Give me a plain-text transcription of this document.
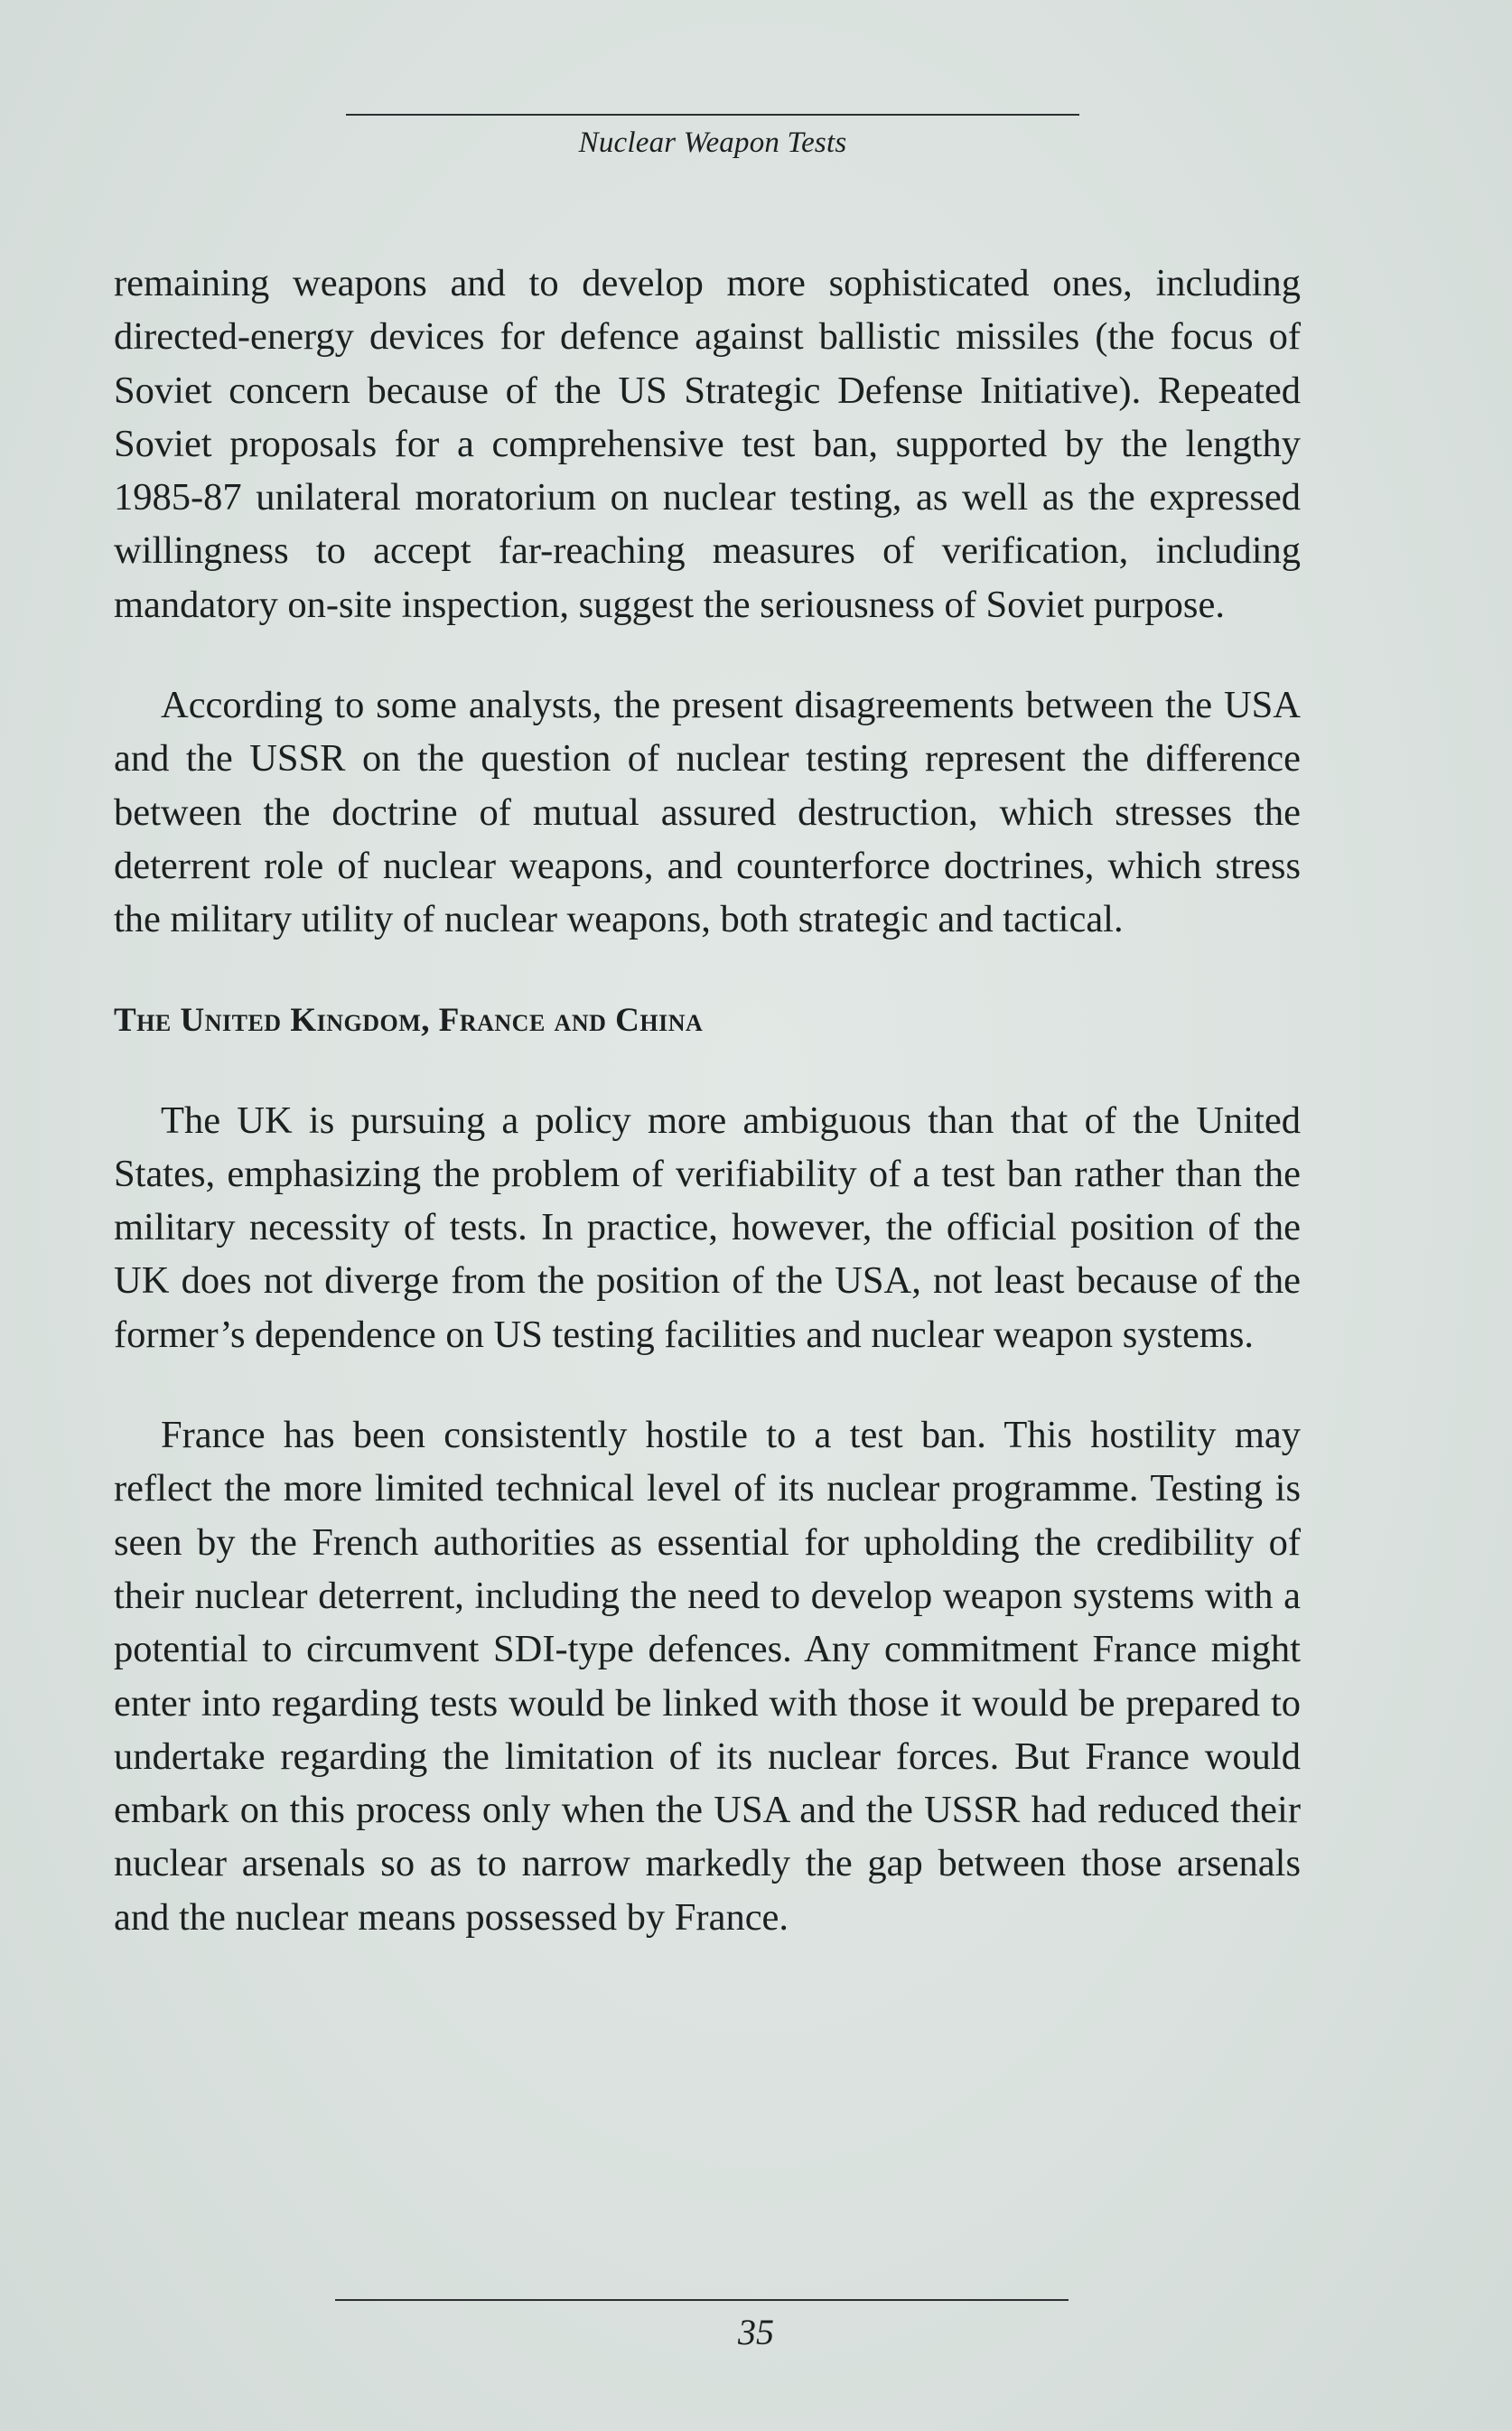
Nuclear Weapon Tests

remaining weapons and to develop more sophisticated ones, including directed-energy devices for defence against ballistic missiles (the focus of Soviet concern because of the US Strategic Defense Initiative). Repeated Soviet proposals for a comprehensive test ban, supported by the lengthy 1985-87 unilateral moratorium on nuclear testing, as well as the expressed willingness to accept far-reaching measures of verification, including mandatory on-site inspection, suggest the seriousness of Soviet purpose.

According to some analysts, the present disagreements between the USA and the USSR on the question of nuclear testing represent the difference between the doctrine of mutual assured destruction, which stresses the deterrent role of nuclear weapons, and counterforce doctrines, which stress the military utility of nuclear weapons, both strategic and tactical.

The United Kingdom, France and China

The UK is pursuing a policy more ambiguous than that of the United States, emphasizing the problem of verifiability of a test ban rather than the military necessity of tests. In practice, however, the official position of the UK does not diverge from the position of the USA, not least because of the former’s dependence on US testing facilities and nuclear weapon systems.

France has been consistently hostile to a test ban. This hostility may reflect the more limited technical level of its nuclear programme. Testing is seen by the French authorities as essential for upholding the credibility of their nuclear deterrent, including the need to develop weapon systems with a potential to circumvent SDI-type defences. Any commitment France might enter into regarding tests would be linked with those it would be prepared to undertake regarding the limitation of its nuclear forces. But France would embark on this process only when the USA and the USSR had reduced their nuclear arsenals so as to narrow markedly the gap between those arsenals and the nuclear means possessed by France.

35
